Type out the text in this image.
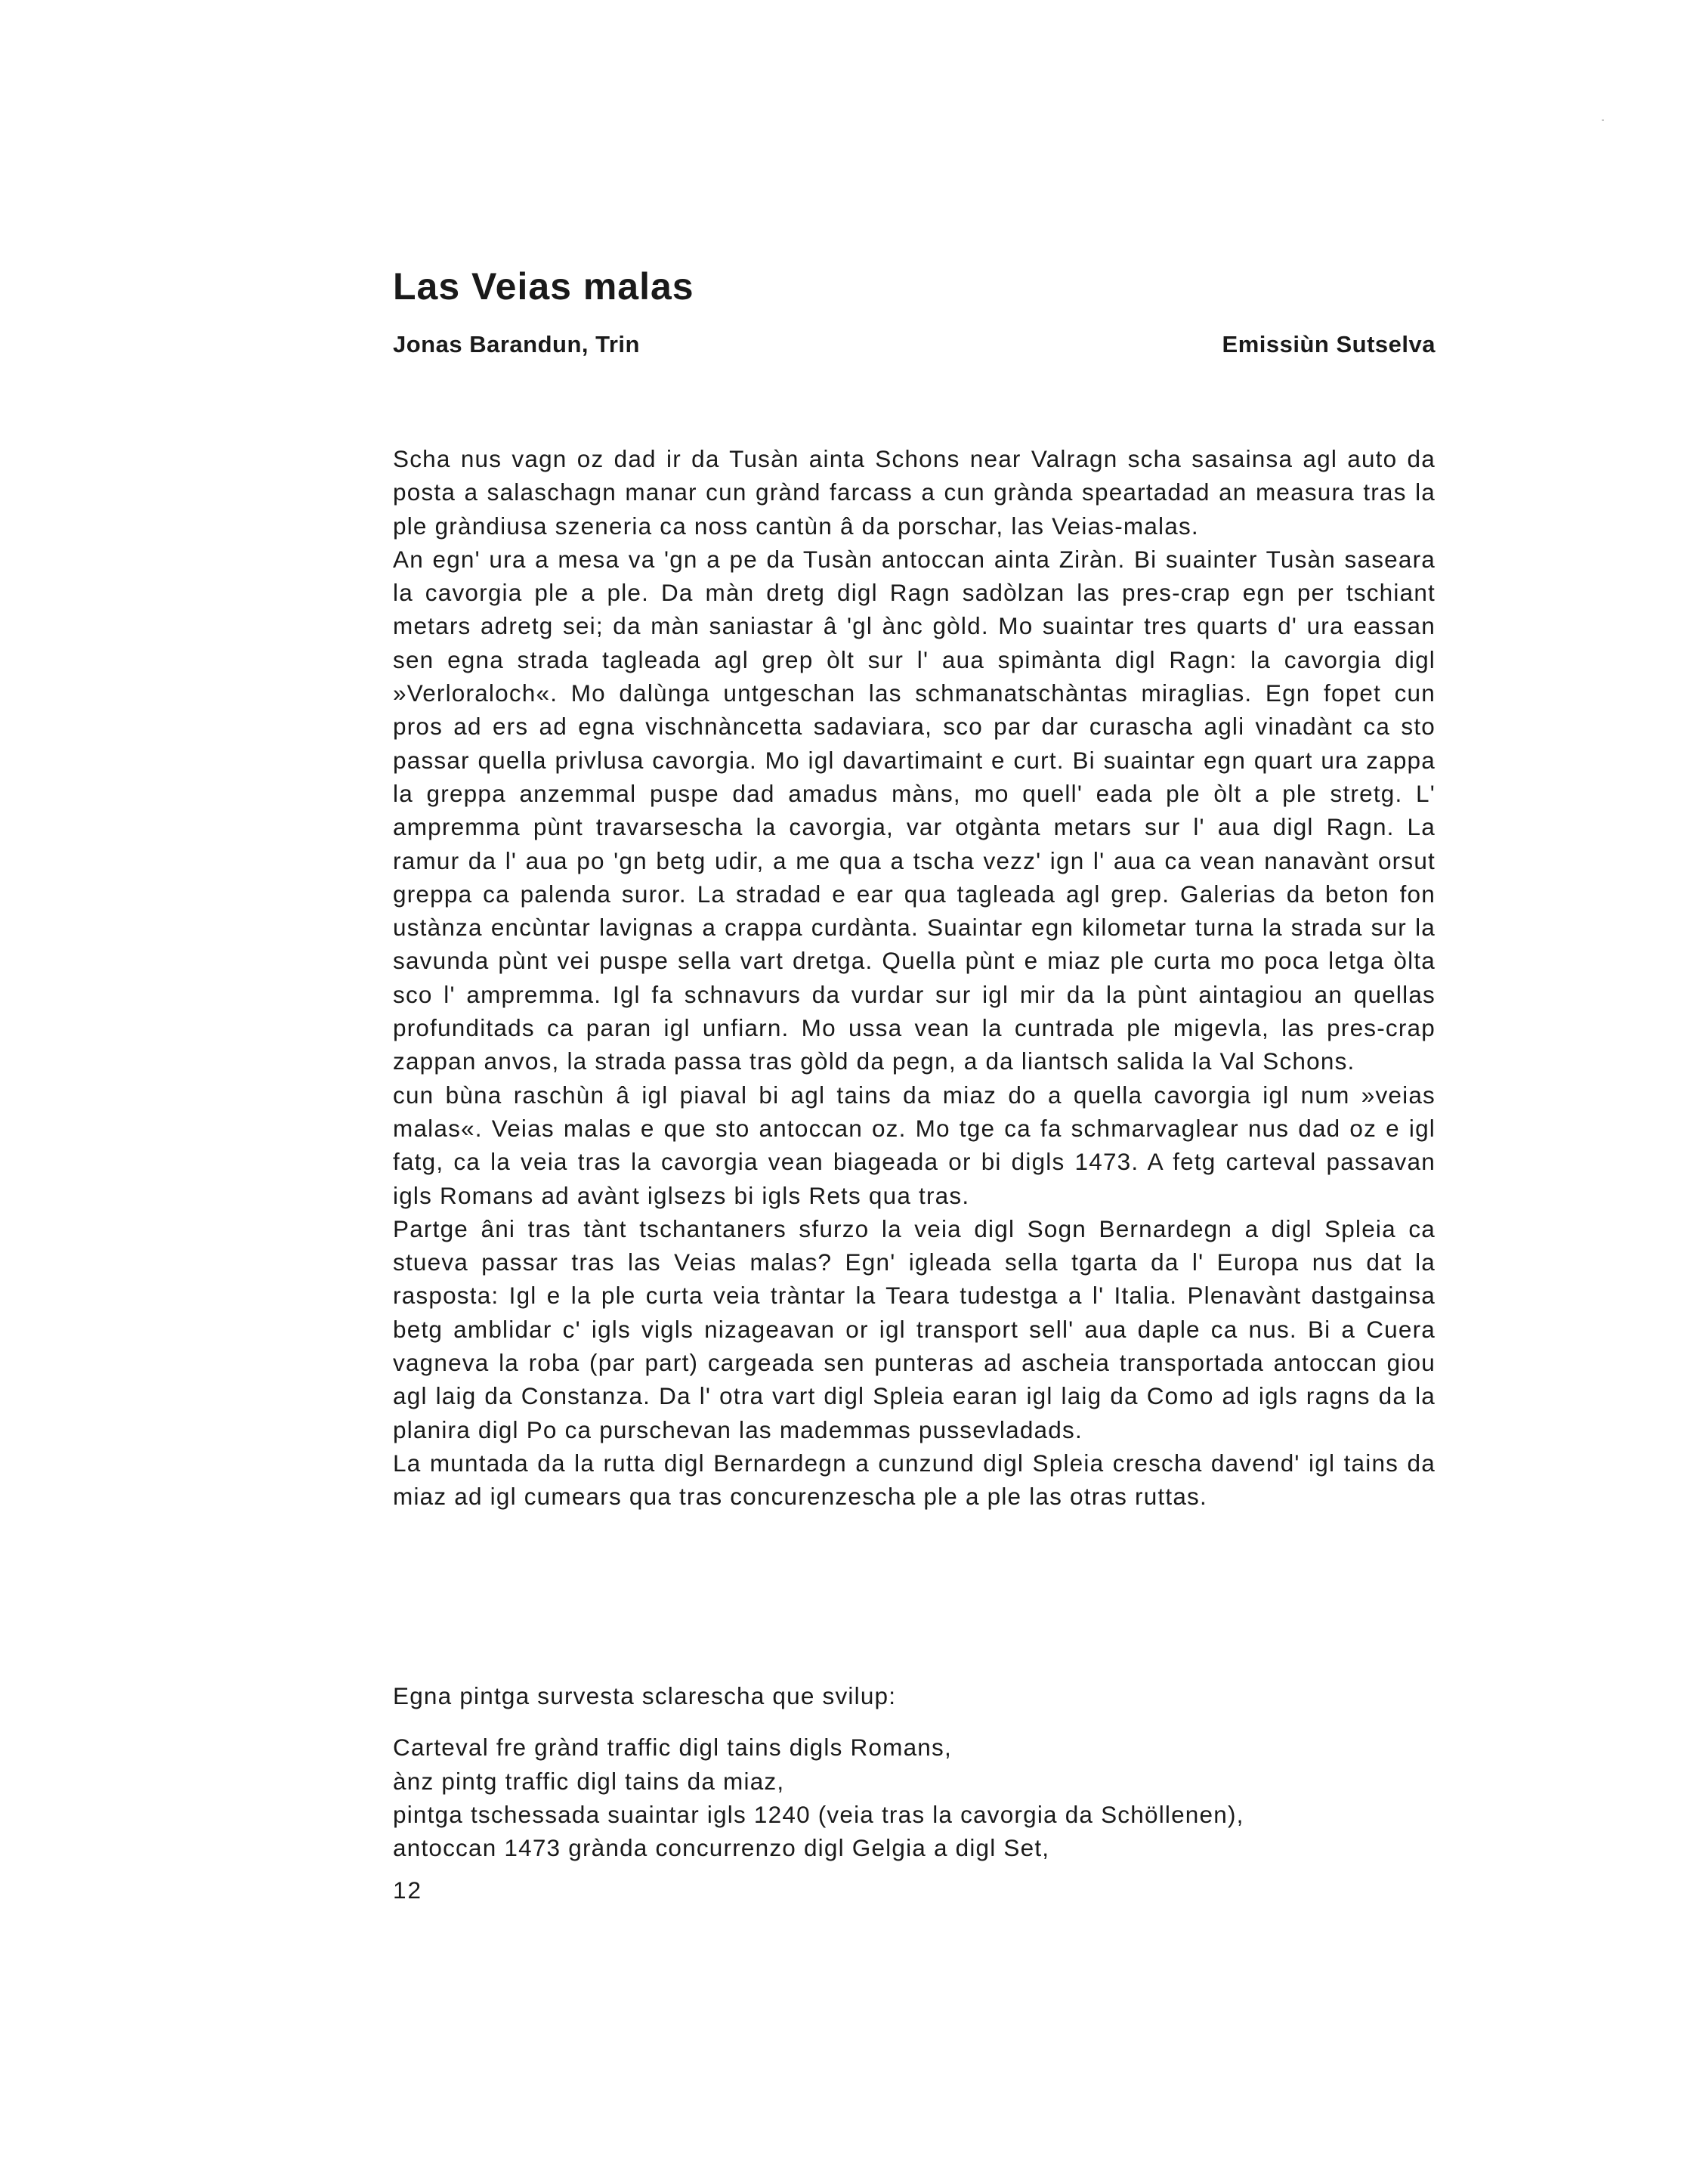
Las Veias malas
Jonas Barandun, Trin	Emissiùn Sutselva

Scha nus vagn oz dad ir da Tusàn ainta Schons near Valragn scha sasainsa agl auto da posta a salaschagn manar cun grànd farcass a cun grànda speartadad an measura tras la ple gràndiusa szeneria ca noss cantùn â da porschar, las Veias-malas.

An egn' ura a mesa va 'gn a pe da Tusàn antoccan ainta Ziràn. Bi suainter Tusàn saseara la cavorgia ple a ple. Da màn dretg digl Ragn sadòlzan las pres-crap egn per tschiant metars adretg sei; da màn saniastar â 'gl ànc gòld. Mo suaintar tres quarts d' ura eassan sen egna strada tagleada agl grep òlt sur l' aua spimànta digl Ragn: la cavorgia digl »Verloraloch«. Mo dalùnga untgeschan las schmanatschàntas miraglias. Egn fopet cun pros ad ers ad egna vischnàncetta sadaviara, sco par dar curascha agli vinadànt ca sto passar quella privlusa cavorgia. Mo igl davartimaint e curt. Bi suaintar egn quart ura zappa la greppa anzemmal puspe dad amadus màns, mo quell' eada ple òlt a ple stretg. L' ampremma pùnt travarsescha la cavorgia, var otgànta metars sur l' aua digl Ragn. La ramur da l' aua po 'gn betg udir, a me qua a tscha vezz' ign l' aua ca vean nanavànt orsut greppa ca palenda suror. La stradad e ear qua tagleada agl grep. Galerias da beton fon ustànza encùntar lavignas a crappa curdànta. Suaintar egn kilometar turna la strada sur la savunda pùnt vei puspe sella vart dretga. Quella pùnt e miaz ple curta mo poca letga òlta sco l' ampremma. Igl fa schnavurs da vurdar sur igl mir da la pùnt aintagiou an quellas profunditads ca paran igl unfiarn. Mo ussa vean la cuntrada ple migevla, las pres-crap zappan anvos, la strada passa tras gòld da pegn, a da liantsch salida la Val Schons.

cun bùna raschùn â igl piaval bi agl tains da miaz do a quella cavorgia igl num »veias malas«. Veias malas e que sto antoccan oz. Mo tge ca fa schmarvaglear nus dad oz e igl fatg, ca la veia tras la cavorgia vean biageada or bi digls 1473. A fetg carteval passavan igls Romans ad avànt iglsezs bi igls Rets qua tras.

Partge âni tras tànt tschantaners sfurzo la veia digl Sogn Bernardegn a digl Spleia ca stueva passar tras las Veias malas? Egn' igleada sella tgarta da l' Europa nus dat la rasposta: Igl e la ple curta veia tràntar la Teara tudestga a l' Italia. Plenavànt dastgainsa betg amblidar c' igls vigls nizageavan or igl transport sell' aua daple ca nus. Bi a Cuera vagneva la roba (par part) cargeada sen punteras ad ascheia transportada antoccan giou agl laig da Constanza. Da l' otra vart digl Spleia earan igl laig da Como ad igls ragns da la planira digl Po ca purschevan las mademmas pussevladads.

La muntada da la rutta digl Bernardegn a cunzund digl Spleia crescha davend' igl tains da miaz ad igl cumears qua tras concurenzescha ple a ple las otras ruttas.

Egna pintga survesta sclarescha que svilup:

Carteval fre grànd traffic digl tains digls Romans,

ànz pintg traffic digl tains da miaz,

pintga tschessada suaintar igls 1240 (veia tras la cavorgia da Schöllenen),

antoccan 1473 grànda concurrenzo digl Gelgia a digl Set,

12
